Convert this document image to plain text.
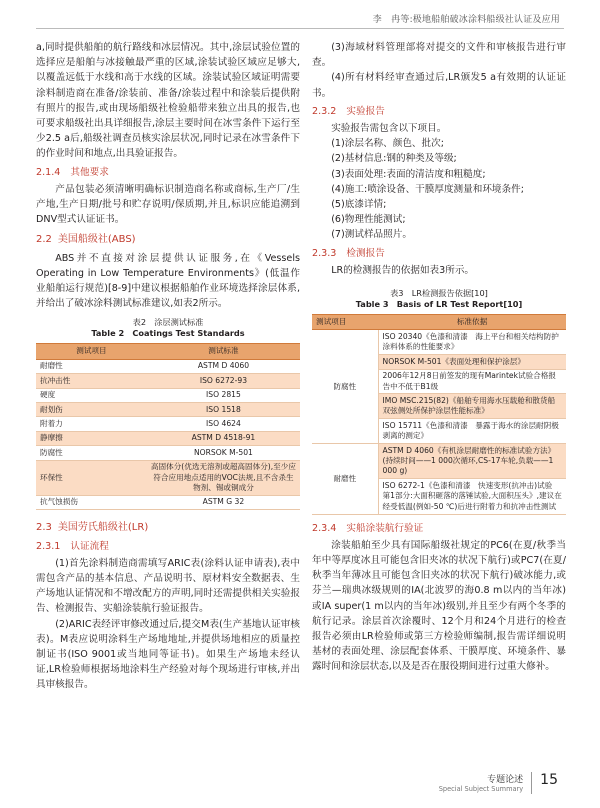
李　冉等:极地船舶破冰涂料船级社认证及应用

a,同时提供船舶的航行路线和冰层情况。其中,涂层试验位置的选择应是船舶与冰接触最严重的区域,涂装试验区域应足够大,以覆盖远低于水线和高于水线的区域。涂装试验区域证明需要涂料制造商在准备/涂装前、准备/涂装过程中和涂装后提供附有照片的报告,或由现场船级社检验船带来独立出具的报告,也可要求船级社出具详细报告,涂层主要时间在冰雪条件下运行至少2.5 a后,船级社调查员核实涂层状况,同时记录在冰雪条件下的作业时间和地点,出具验证报告。

2.1.4 其他要求

产品包装必须清晰明确标识制造商名称或商标,生产厂/生产地,生产日期/批号和贮存说明/保质期,并且,标识应能追溯到DNV型式认证证书。

2.2 美国船级社(ABS)

ABS并不直接对涂层提供认证服务,在《Vessels Operating in Low Temperature Environments》(低温作业船舶运行规范)[8-9]中建议根据船舶作业环境选择涂层体系,并给出了破冰涂料测试标准建议,如表2所示。

表2　涂层测试标准
Table 2　Coatings Test Standards
测试项目	测试标准
耐磨性	ASTM D 4060
抗冲击性	ISO 6272-93
硬度	ISO 2815
耐划伤	ISO 1518
附着力	ISO 4624
静摩擦	ASTM D 4518-91
防腐性	NORSOK M-501
环保性	高固体分(优选无溶剂或超高固体分),至少应符合应用地点适用的VOC法规,且不含杀生物剂、锡或铜成分
抗气蚀损伤	ASTM G 32
2.3 美国劳氏船级社(LR)
2.3.1 认证流程

(1)首先涂料制造商需填写ARIC表(涂料认证申请表),表中需包含产品的基本信息、产品说明书、原材料安全数据表、生产场地认证情况和不增改配方的声明,同时还需提供相关实验报告、检测报告、实船涂装航行验证报告。

(2)ARIC表经评审修改通过后,提交M表(生产基地认证审核表)。M表应说明涂料生产场地地址,并提供场地相应的质量控制证书(ISO 9001或当地同等证书)。如果生产场地未经认证,LR检验师根据场地涂料生产经验对每个现场进行审核,并出具审核报告。

(3)海域材料管理部将对提交的文件和审核报告进行审查。

(4)所有材料经审查通过后,LR颁发5 a有效期的认证证书。

2.3.2 实验报告

实验报告需包含以下项目。

(1)涂层名称、颜色、批次;

(2)基材信息:钢的种类及等级;

(3)表面处理:表面的清洁度和粗糙度;

(4)施工:喷涂设备、干膜厚度测量和环境条件;

(5)底漆详情;

(6)物理性能测试;

(7)测试样品照片。

2.3.3 检测报告

LR的检测报告的依据如表3所示。

表3　LR检测报告依据[10]
Table 3　Basis of LR Test Report[10]
测试项目	标准依据
防腐性	ISO 20340《色漆和清漆　海上平台和相关结构防护涂料体系的性能要求》
	NORSOK M-501《表面处理和保护涂层》
	2006年12月8日前签发的现有Marintek试验合格报告中不低于B1级
	IMO MSC.215(82)《船舶专用海水压载舱和散货船双弦侧处所保护涂层性能标准》
	ISO 15711《色漆和清漆　暴露于海水的涂层耐阴极剥离的测定》
耐磨性	ASTM D 4060《有机涂层耐磨性的标准试验方法》(持续时间——1 000次循环,CS-17车轮,负载——1 000 g)
	ISO 6272-1《色漆和清漆　快速变形(抗冲击)试验　第1部分:大面积砸落的落锤试验,大面积压头》,建议在经受低温(例如-50 ℃)后进行附着力和抗冲击性测试
2.3.4 实船涂装航行验证

涂装船舶至少具有国际船级社规定的PC6(在夏/秋季当年中等厚度冰且可能包含旧夹冰的状况下航行)或PC7(在夏/秋季当年薄冰且可能包含旧夹冰的状况下航行)破冰能力,或芬兰—瑞典冰级规则的IA(北波罗的海0.8 m以内的当年冰)或IA super(1 m以内的当年冰)级别,并且至少有两个冬季的航行记录。涂层首次涂覆时、12个月和24个月进行的检查报告必须由LR检验师或第三方检验师编制,报告需详细说明基材的表面处理、涂层配套体系、干膜厚度、环境条件、暴露时间和涂层状态,以及是否在服役期间进行过重大修补。

专题论述
Special Subject Summary
15
